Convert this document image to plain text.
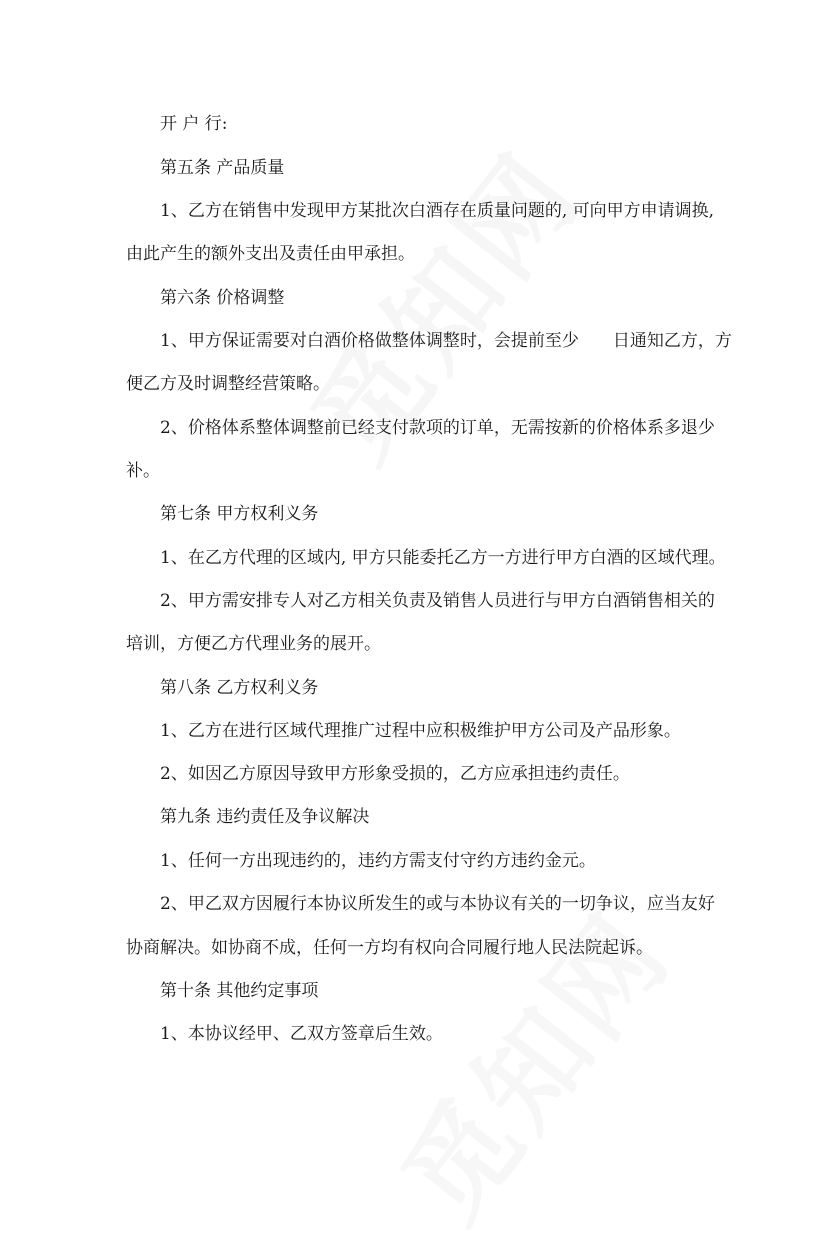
开 户 行:
第五条 产品质量
1、乙方在销售中发现甲方某批次白酒存在质量问题的, 可向甲方申请调换,
由此产生的额外支出及责任由甲承担。
第六条 价格调整
1、甲方保证需要对白酒价格做整体调整时，会提前至少 日通知乙方，方
便乙方及时调整经营策略。
2、价格体系整体调整前已经支付款项的订单，无需按新的价格体系多退少
补。
第七条 甲方权利义务
1、在乙方代理的区域内, 甲方只能委托乙方一方进行甲方白酒的区域代理。
2、甲方需安排专人对乙方相关负责及销售人员进行与甲方白酒销售相关的
培训，方便乙方代理业务的展开。
第八条 乙方权利义务
1、乙方在进行区域代理推广过程中应积极维护甲方公司及产品形象。
2、如因乙方原因导致甲方形象受损的，乙方应承担违约责任。
第九条 违约责任及争议解决
1、任何一方出现违约的，违约方需支付守约方违约金元。
2、甲乙双方因履行本协议所发生的或与本协议有关的一切争议，应当友好
协商解决。如协商不成，任何一方均有权向合同履行地人民法院起诉。
第十条 其他约定事项
1、本协议经甲、乙双方签章后生效。
